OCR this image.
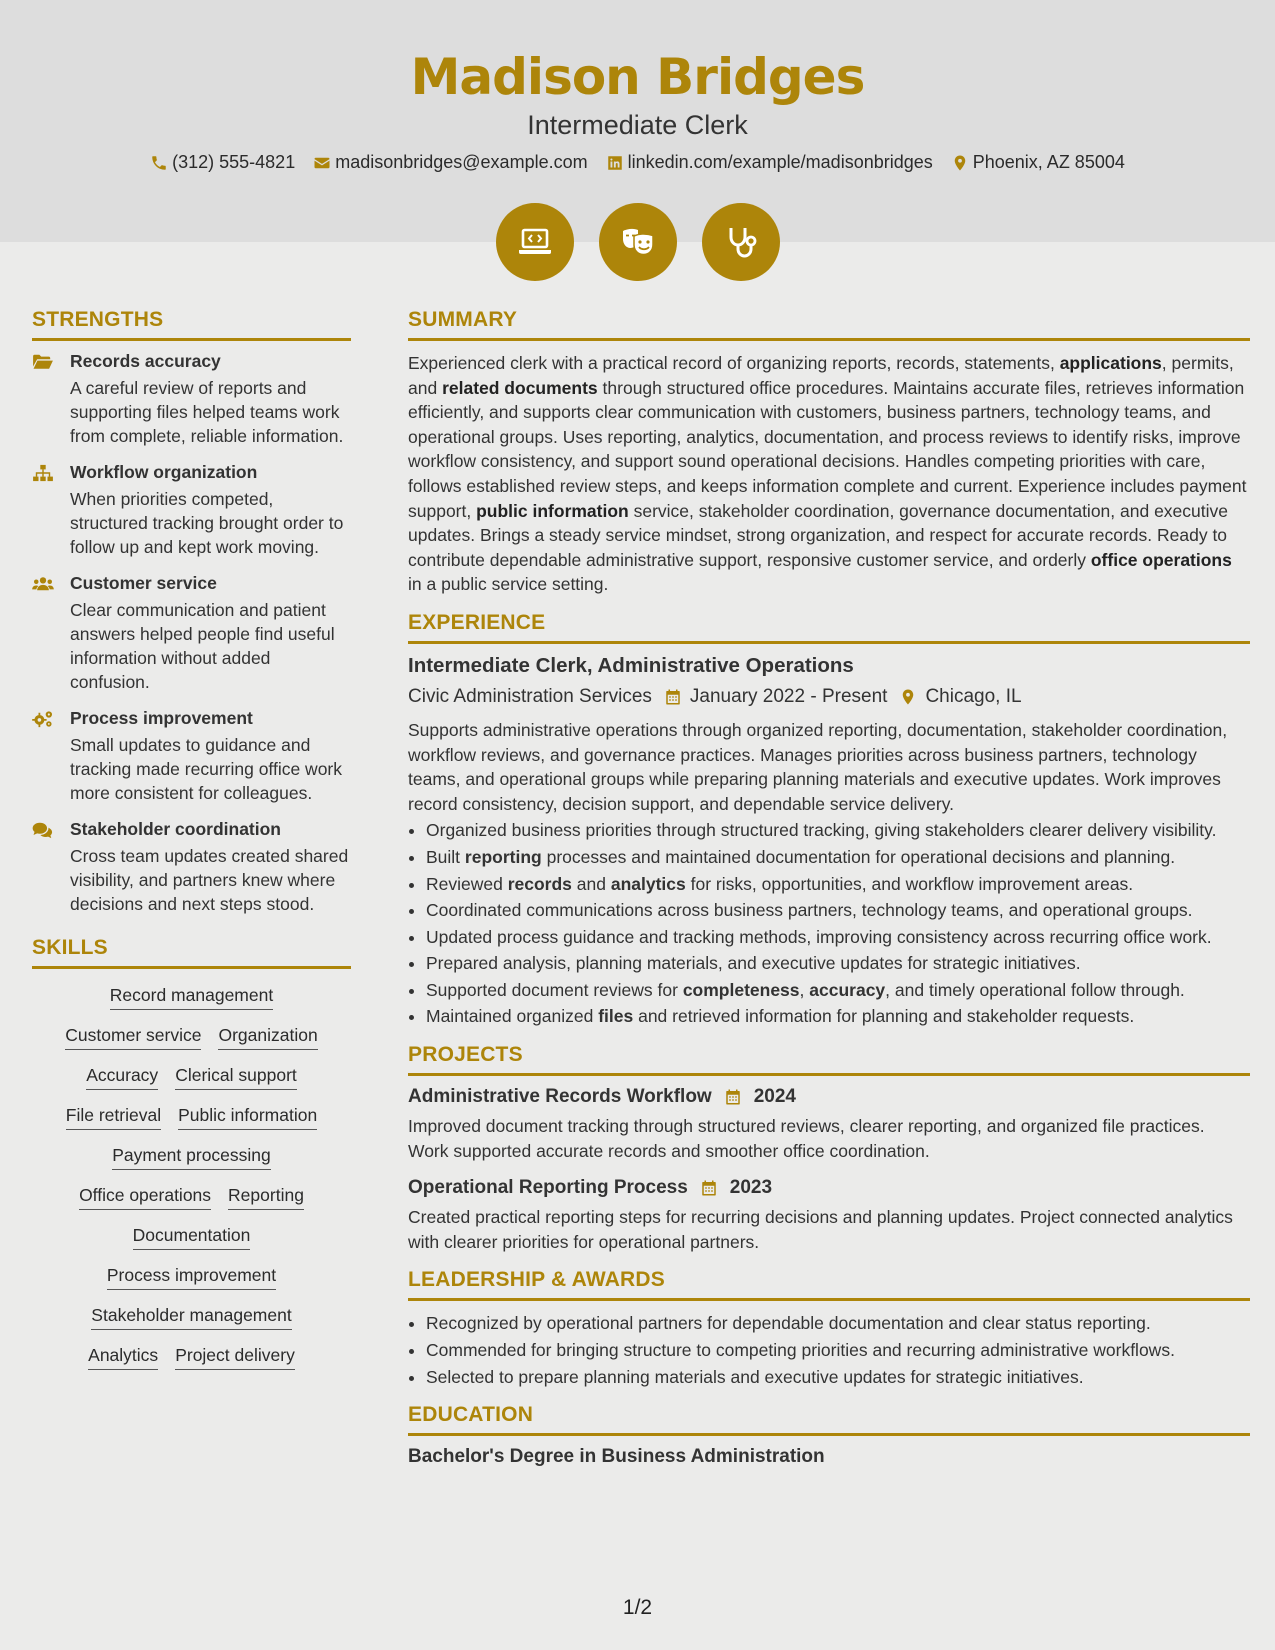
Madison Bridges
Intermediate Clerk
(312) 555-4821 madisonbridges@example.com linkedin.com/example/madisonbridges Phoenix, AZ 85004
STRENGTHS
Records accuracy
A careful review of reports and supporting files helped teams work from complete, reliable information.
Workflow organization
When priorities competed, structured tracking brought order to follow up and kept work moving.
Customer service
Clear communication and patient answers helped people find useful information without added confusion.
Process improvement
Small updates to guidance and tracking made recurring office work more consistent for colleagues.
Stakeholder coordination
Cross team updates created shared visibility, and partners knew where decisions and next steps stood.
SKILLS
Record management
Customer service Organization
Accuracy Clerical support
File retrieval Public information
Payment processing
Office operations Reporting
Documentation
Process improvement
Stakeholder management
Analytics Project delivery
SUMMARY

Experienced clerk with a practical record of organizing reports, records, statements, applications, permits, and related documents through structured office procedures. Maintains accurate files, retrieves information efficiently, and supports clear communication with customers, business partners, technology teams, and operational groups. Uses reporting, analytics, documentation, and process reviews to identify risks, improve workflow consistency, and support sound operational decisions. Handles competing priorities with care, follows established review steps, and keeps information complete and current. Experience includes payment support, public information service, stakeholder coordination, governance documentation, and executive updates. Brings a steady service mindset, strong organization, and respect for accurate records. Ready to contribute dependable administrative support, responsive customer service, and orderly office operations in a public service setting.

EXPERIENCE
Intermediate Clerk, Administrative Operations
Civic Administration Services January 2022 - Present Chicago, IL
Supports administrative operations through organized reporting, documentation, stakeholder coordination, workflow reviews, and governance practices. Manages priorities across business partners, technology teams, and operational groups while preparing planning materials and executive updates. Work improves record consistency, decision support, and dependable service delivery.
• Organized business priorities through structured tracking, giving stakeholders clearer delivery visibility.
• Built reporting processes and maintained documentation for operational decisions and planning.
• Reviewed records and analytics for risks, opportunities, and workflow improvement areas.
• Coordinated communications across business partners, technology teams, and operational groups.
• Updated process guidance and tracking methods, improving consistency across recurring office work.
• Prepared analysis, planning materials, and executive updates for strategic initiatives.
• Supported document reviews for completeness, accuracy, and timely operational follow through.
• Maintained organized files and retrieved information for planning and stakeholder requests.
PROJECTS
Administrative Records Workflow 2024
Improved document tracking through structured reviews, clearer reporting, and organized file practices. Work supported accurate records and smoother office coordination.
Operational Reporting Process 2023
Created practical reporting steps for recurring decisions and planning updates. Project connected analytics with clearer priorities for operational partners.
LEADERSHIP & AWARDS
• Recognized by operational partners for dependable documentation and clear status reporting.
• Commended for bringing structure to competing priorities and recurring administrative workflows.
• Selected to prepare planning materials and executive updates for strategic initiatives.
EDUCATION
Bachelor's Degree in Business Administration
1/2
